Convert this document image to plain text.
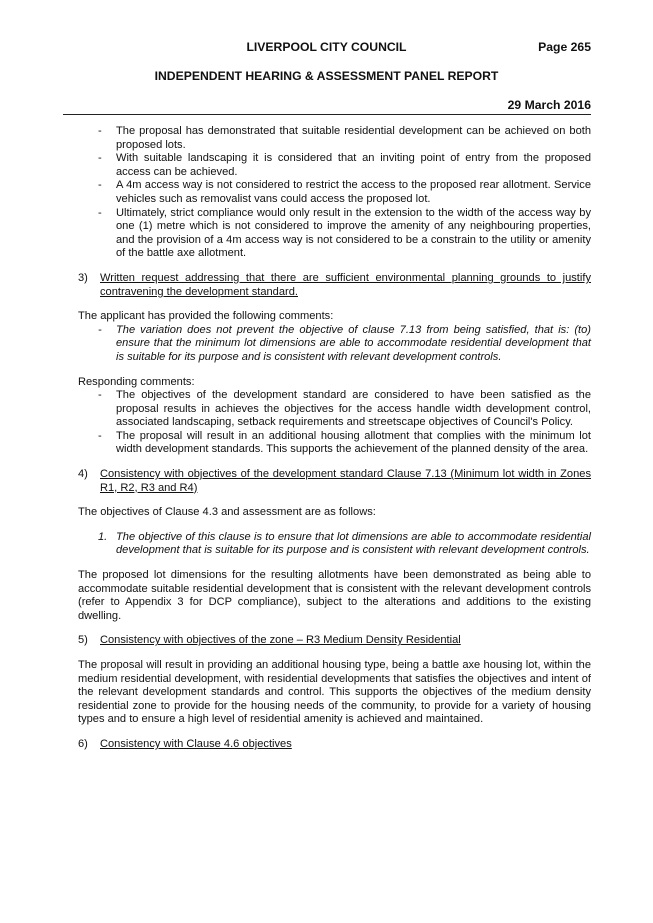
LIVERPOOL CITY COUNCIL	Page 265
INDEPENDENT HEARING & ASSESSMENT PANEL REPORT
29 March 2016
- The proposal has demonstrated that suitable residential development can be achieved on both proposed lots.
- With suitable landscaping it is considered that an inviting point of entry from the proposed access can be achieved.
- A 4m access way is not considered to restrict the access to the proposed rear allotment. Service vehicles such as removalist vans could access the proposed lot.
- Ultimately, strict compliance would only result in the extension to the width of the access way by one (1) metre which is not considered to improve the amenity of any neighbouring properties, and the provision of a 4m access way is not considered to be a constrain to the utility or amenity of the battle axe allotment.
3) Written request addressing that there are sufficient environmental planning grounds to justify contravening the development standard.

The applicant has provided the following comments:

- The variation does not prevent the objective of clause 7.13 from being satisfied, that is: (to) ensure that the minimum lot dimensions are able to accommodate residential development that is suitable for its purpose and is consistent with relevant development controls.

Responding comments:

- The objectives of the development standard are considered to have been satisfied as the proposal results in achieves the objectives for the access handle width development control, associated landscaping, setback requirements and streetscape objectives of Council's Policy.
- The proposal will result in an additional housing allotment that complies with the minimum lot width development standards. This supports the achievement of the planned density of the area.
4) Consistency with objectives of the development standard Clause 7.13 (Minimum lot width in Zones R1, R2, R3 and R4)

The objectives of Clause 4.3 and assessment are as follows:

1. The objective of this clause is to ensure that lot dimensions are able to accommodate residential development that is suitable for its purpose and is consistent with relevant development controls.

The proposed lot dimensions for the resulting allotments have been demonstrated as being able to accommodate suitable residential development that is consistent with the relevant development controls (refer to Appendix 3 for DCP compliance), subject to the alterations and additions to the existing dwelling.

5) Consistency with objectives of the zone – R3 Medium Density Residential

The proposal will result in providing an additional housing type, being a battle axe housing lot, within the medium residential development, with residential developments that satisfies the objectives and intent of the relevant development standards and control. This supports the objectives of the medium density residential zone to provide for the housing needs of the community, to provide for a variety of housing types and to ensure a high level of residential amenity is achieved and maintained.

6) Consistency with Clause 4.6 objectives
